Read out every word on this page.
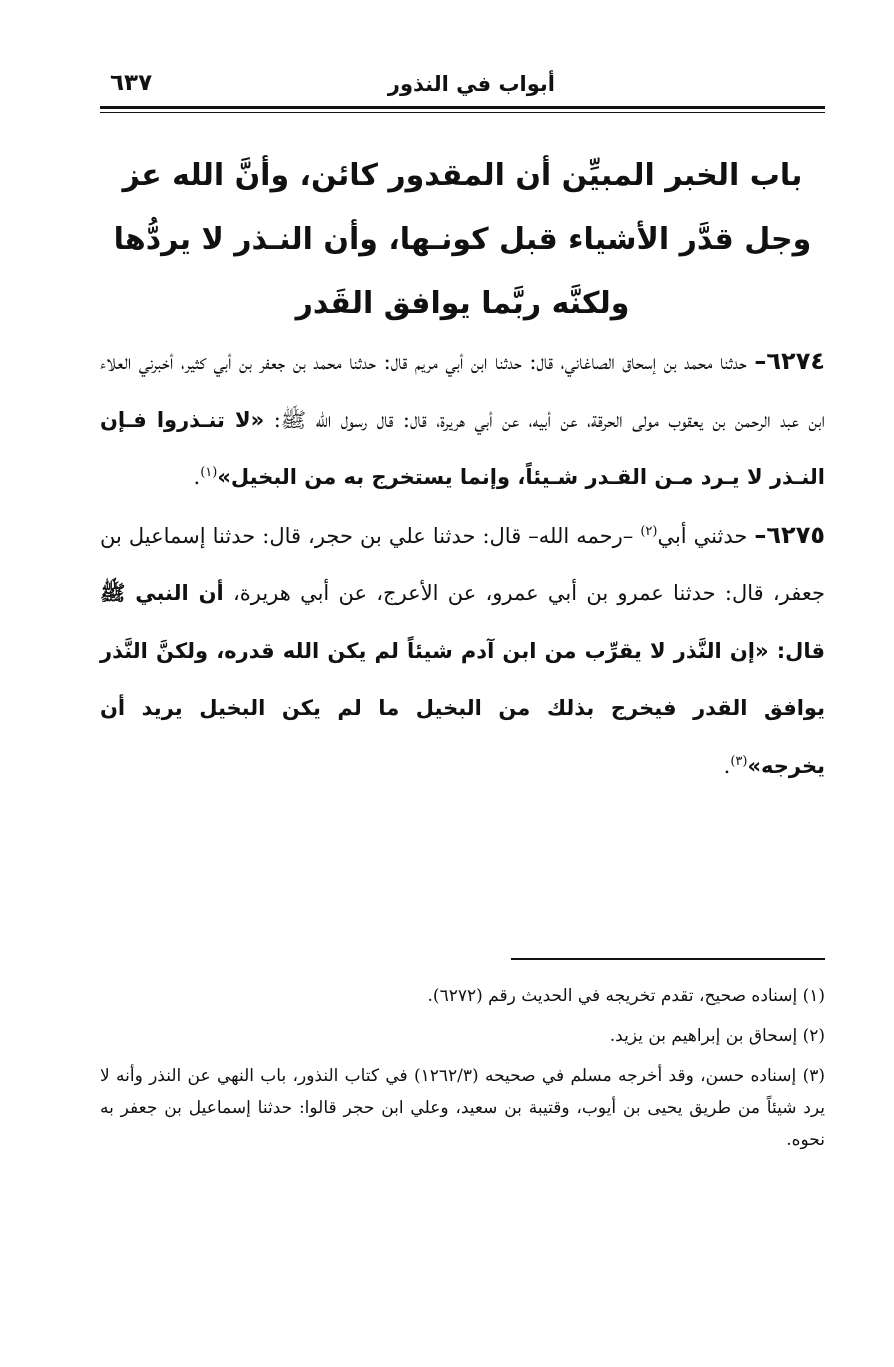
أبواب في النذور
٦٣٧
باب الخبر المبيِّن أن المقدور كائن، وأنَّ الله عز وجل قدَّر الأشياء قبل كونـها، وأن النـذر لا يردُّها ولكنَّه ربَّما يوافق القَدر

٦٢٧٤– حدثنا محمد بن إسحاق الصاغاني، قال: حدثنا ابن أبي مريم قال: حدثنا محمد بن جعفر بن أبي كثير، أخبرني العلاء ابن عبد الرحمن بن يعقوب مولى الحرقة، عن أبيه، عن أبي هريرة، قال: قال رسول الله ﷺ: «لا تنـذروا فـإن النـذر لا يـرد مـن القـدر شـيئاً، وإنما يستخرج به من البخيل»$^{(١)}$.

٦٢٧٥– حدثني أبي$^{(٢)}$ –رحمه الله– قال: حدثنا علي بن حجر، قال: حدثنا إسماعيل بن جعفر، قال: حدثنا عمرو بن أبي عمرو، عن الأعرج، عن أبي هريرة، أن النبي ﷺ قال: «إن النَّذر لا يقرِّب من ابن آدم شيئاً لم يكن الله قدره، ولكنَّ النَّذر يوافق القدر فيخرج بذلك من البخيل ما لم يكن البخيل يريد أن يخرجه»$^{(٣)}$.

(١) إسناده صحيح، تقدم تخريجه في الحديث رقم (٦٢٧٢).

(٢) إسحاق بن إبراهيم بن يزيد.

(٣) إسناده حسن، وقد أخرجه مسلم في صحيحه (١٢٦٢/٣) في كتاب النذور، باب النهي عن النذر وأنه لا يرد شيئاً من طريق يحيى بن أيوب، وقتيبة بن سعيد، وعلي ابن حجر قالوا: حدثنا إسماعيل بن جعفر به نحوه.
